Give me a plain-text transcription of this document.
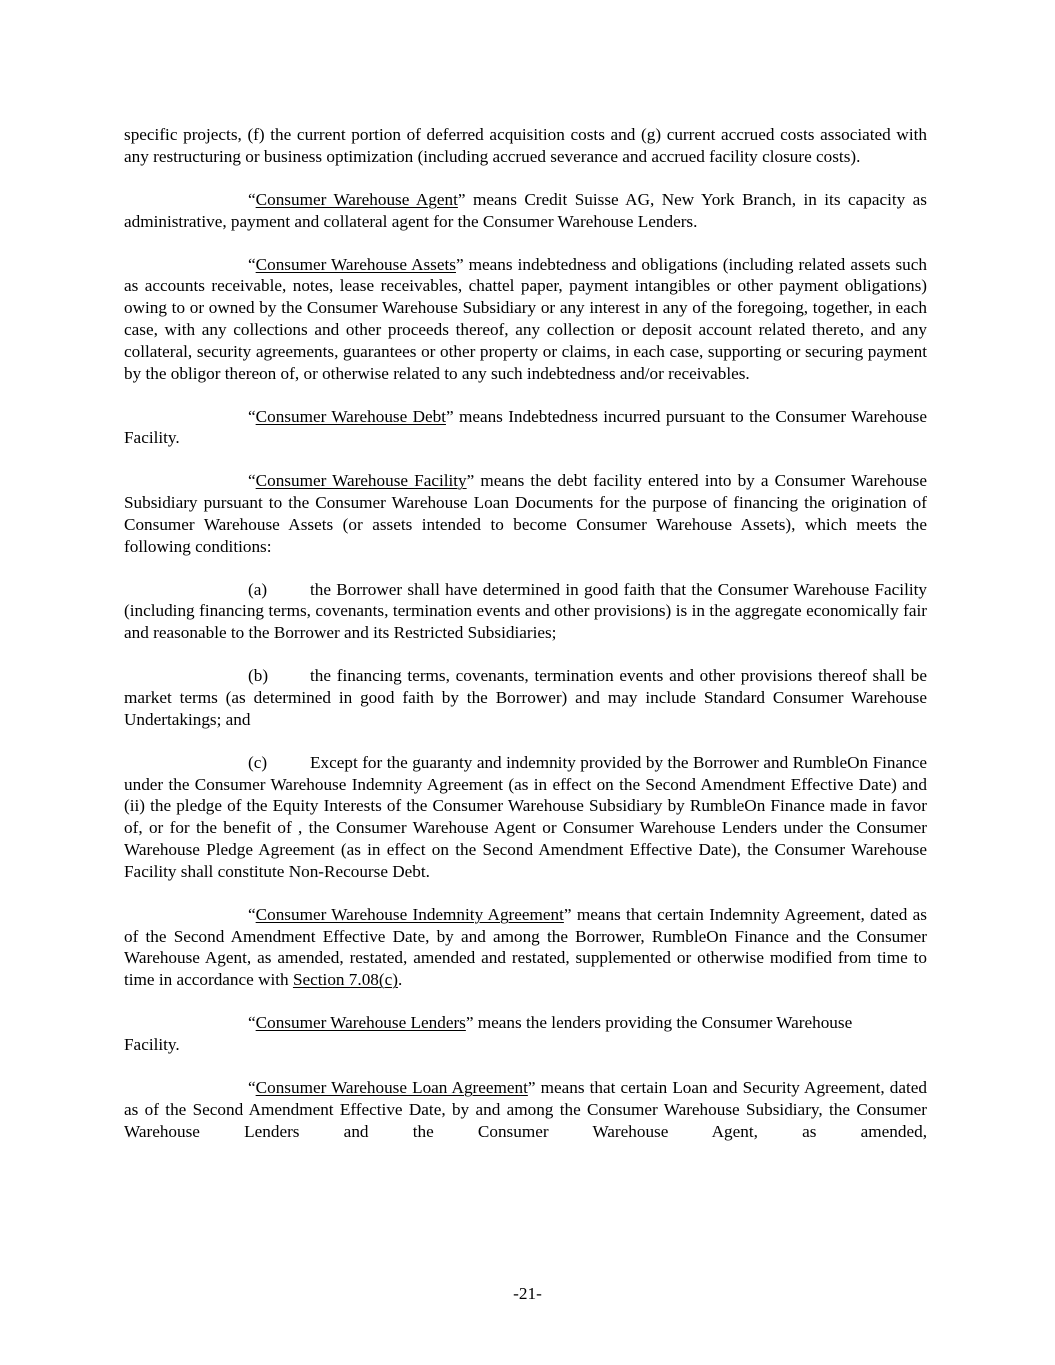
specific projects, (f) the current portion of deferred acquisition costs and (g) current accrued costs associated with any restructuring or business optimization (including accrued severance and accrued facility closure costs).

“Consumer Warehouse Agent” means Credit Suisse AG, New York Branch, in its capacity as administrative, payment and collateral agent for the Consumer Warehouse Lenders.

“Consumer Warehouse Assets” means indebtedness and obligations (including related assets such as accounts receivable, notes, lease receivables, chattel paper, payment intangibles or other payment obligations) owing to or owned by the Consumer Warehouse Subsidiary or any interest in any of the foregoing, together, in each case, with any collections and other proceeds thereof, any collection or deposit account related thereto, and any collateral, security agreements, guarantees or other property or claims, in each case, supporting or securing payment by the obligor thereon of, or otherwise related to any such indebtedness and/or receivables.

“Consumer Warehouse Debt” means Indebtedness incurred pursuant to the Consumer Warehouse Facility.

“Consumer Warehouse Facility” means the debt facility entered into by a Consumer Warehouse Subsidiary pursuant to the Consumer Warehouse Loan Documents for the purpose of financing the origination of Consumer Warehouse Assets (or assets intended to become Consumer Warehouse Assets), which meets the following conditions:

(a) the Borrower shall have determined in good faith that the Consumer Warehouse Facility (including financing terms, covenants, termination events and other provisions) is in the aggregate economically fair and reasonable to the Borrower and its Restricted Subsidiaries;

(b) the financing terms, covenants, termination events and other provisions thereof shall be market terms (as determined in good faith by the Borrower) and may include Standard Consumer Warehouse Undertakings; and

(c) Except for the guaranty and indemnity provided by the Borrower and RumbleOn Finance under the Consumer Warehouse Indemnity Agreement (as in effect on the Second Amendment Effective Date) and (ii) the pledge of the Equity Interests of the Consumer Warehouse Subsidiary by RumbleOn Finance made in favor of, or for the benefit of , the Consumer Warehouse Agent or Consumer Warehouse Lenders under the Consumer Warehouse Pledge Agreement (as in effect on the Second Amendment Effective Date), the Consumer Warehouse Facility shall constitute Non-Recourse Debt.

“Consumer Warehouse Indemnity Agreement” means that certain Indemnity Agreement, dated as of the Second Amendment Effective Date, by and among the Borrower, RumbleOn Finance and the Consumer Warehouse Agent, as amended, restated, amended and restated, supplemented or otherwise modified from time to time in accordance with Section 7.08(c).

“Consumer Warehouse Lenders” means the lenders providing the Consumer Warehouse
Facility.

“Consumer Warehouse Loan Agreement” means that certain Loan and Security Agreement, dated as of the Second Amendment Effective Date, by and among the Consumer Warehouse Subsidiary, the Consumer Warehouse Lenders and the Consumer Warehouse Agent, as amended,

-21-
